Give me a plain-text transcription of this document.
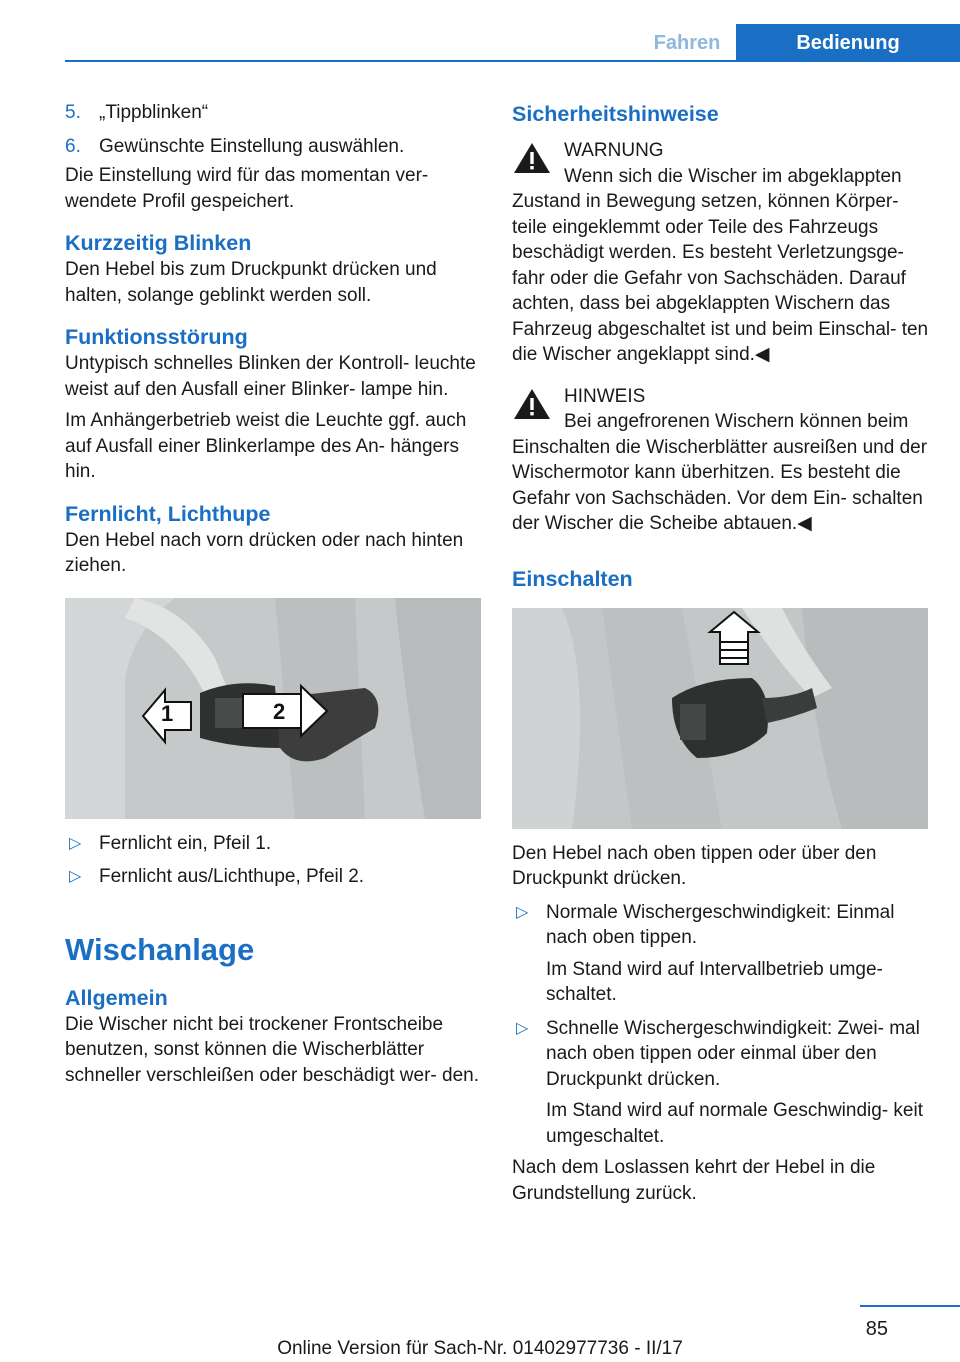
Fahren	Bedienung
5. „Tippblinken“
6. Gewünschte Einstellung auswählen.

Die Einstellung wird für das momentan ver‐ wendete Profil gespeichert.

Kurzzeitig Blinken

Den Hebel bis zum Druckpunkt drücken und halten, solange geblinkt werden soll.

Funktionsstörung

Untypisch schnelles Blinken der Kontroll‐ leuchte weist auf den Ausfall einer Blinker‐ lampe hin.

Im Anhängerbetrieb weist die Leuchte ggf. auch auf Ausfall einer Blinkerlampe des An‐ hängers hin.

Fernlicht, Lichthupe

Den Hebel nach vorn drücken oder nach hinten ziehen.

1	2
▷ Fernlicht ein, Pfeil 1.
▷ Fernlicht aus/Lichthupe, Pfeil 2.
Wischanlage
Allgemein

Die Wischer nicht bei trockener Frontscheibe benutzen, sonst können die Wischerblätter schneller verschleißen oder beschädigt wer‐ den.

Sicherheitshinweise

WARNUNG

Wenn sich die Wischer im abgeklappten Zustand in Bewegung setzen, können Körper‐ teile eingeklemmt oder Teile des Fahrzeugs beschädigt werden. Es besteht Verletzungsge‐ fahr oder die Gefahr von Sachschäden. Darauf achten, dass bei abgeklappten Wischern das Fahrzeug abgeschaltet ist und beim Einschal‐ ten die Wischer angeklappt sind.◀

HINWEIS

Bei angefrorenen Wischern können beim Einschalten die Wischerblätter ausreißen und der Wischermotor kann überhitzen. Es besteht die Gefahr von Sachschäden. Vor dem Ein‐ schalten der Wischer die Scheibe abtauen.◀

Einschalten

Den Hebel nach oben tippen oder über den Druckpunkt drücken.

▷ Normale Wischergeschwindigkeit: Einmal nach oben tippen.
Im Stand wird auf Intervallbetrieb umge‐ schaltet.
▷ Schnelle Wischergeschwindigkeit: Zwei‐ mal nach oben tippen oder einmal über den Druckpunkt drücken.
Im Stand wird auf normale Geschwindig‐ keit umgeschaltet.

Nach dem Loslassen kehrt der Hebel in die Grundstellung zurück.

85
Online Version für Sach-Nr. 01402977736 - II/17
